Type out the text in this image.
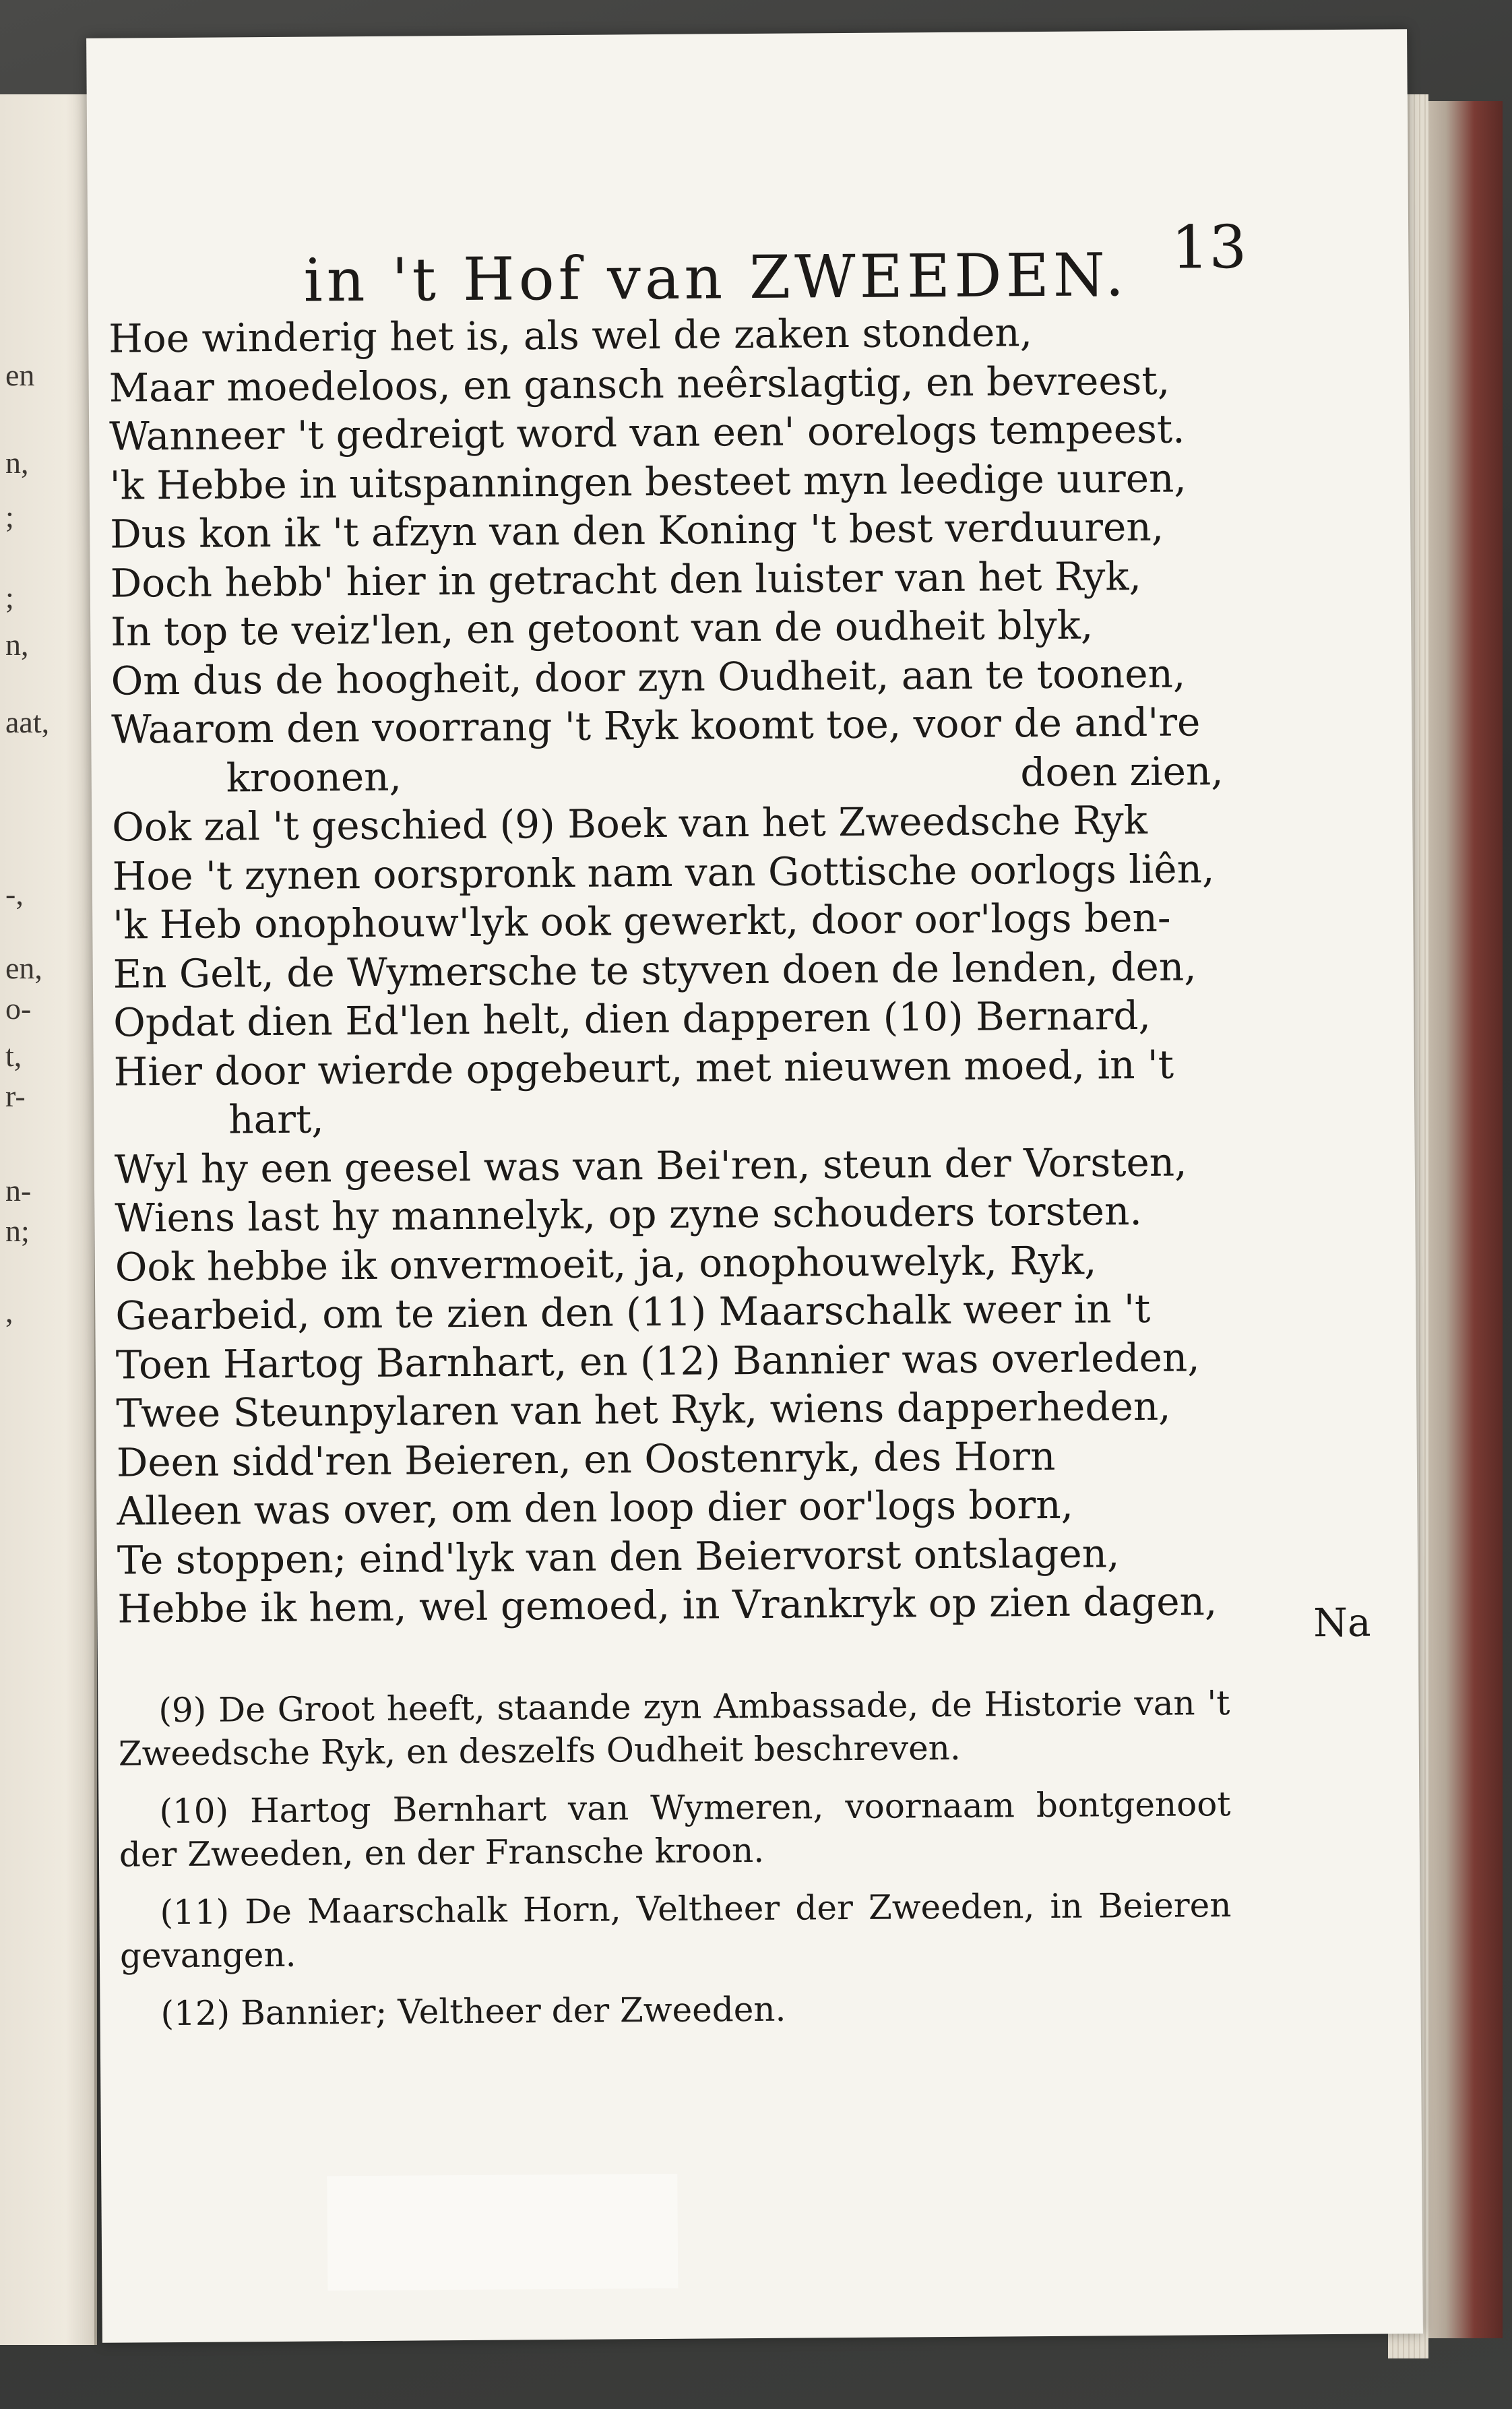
en
n,
;
;
n,
aat,
-,
en,
o-
t,
r-
n-
n;
,
in 't Hof van ZWEEDEN. 13
Hoe winderig het is, als wel de zaken stonden,
Maar moedeloos, en gansch neêrslagtig, en bevreest,
Wanneer 't gedreigt word van een' oorelogs tempeest.
'k Hebbe in uitspanningen besteet myn leedige uuren,
Dus kon ik 't afzyn van den Koning 't best verduuren,
Doch hebb' hier in getracht den luister van het Ryk,
In top te veiz'len, en getoont van de oudheit blyk,
Om dus de hoogheit, door zyn Oudheit, aan te toonen,
Waarom den voorrang 't Ryk koomt toe, voor de and're
kroonen,	doen zien,
Ook zal 't geschied (9) Boek van het Zweedsche Ryk
Hoe 't zynen oorspronk nam van Gottische oorlogs liên,
'k Heb onophouw'lyk ook gewerkt, door oor'logs ben-
En Gelt, de Wymersche te styven doen de lenden, den,
Opdat dien Ed'len helt, dien dapperen (10) Bernard,
Hier door wierde opgebeurt, met nieuwen moed, in 't
hart,
Wyl hy een geesel was van Bei'ren, steun der Vorsten,
Wiens last hy mannelyk, op zyne schouders torsten.
Ook hebbe ik onvermoeit, ja, onophouwelyk, Ryk,
Gearbeid, om te zien den (11) Maarschalk weer in 't
Toen Hartog Barnhart, en (12) Bannier was overleden,
Twee Steunpylaren van het Ryk, wiens dapperheden,
Deen sidd'ren Beieren, en Oostenryk, des Horn
Alleen was over, om den loop dier oor'logs born,
Te stoppen; eind'lyk van den Beiervorst ontslagen,
Hebbe ik hem, wel gemoed, in Vrankryk op zien dagen, Na
(9) De Groot heeft, staande zyn Ambassade, de Historie van 't Zweedsche Ryk, en deszelfs Oudheit beschreven.
(10) Hartog Bernhart van Wymeren, voornaam bontgenoot der Zweeden, en der Fransche kroon.
(11) De Maarschalk Horn, Veltheer der Zweeden, in Beieren gevangen.
(12) Bannier; Veltheer der Zweeden.
